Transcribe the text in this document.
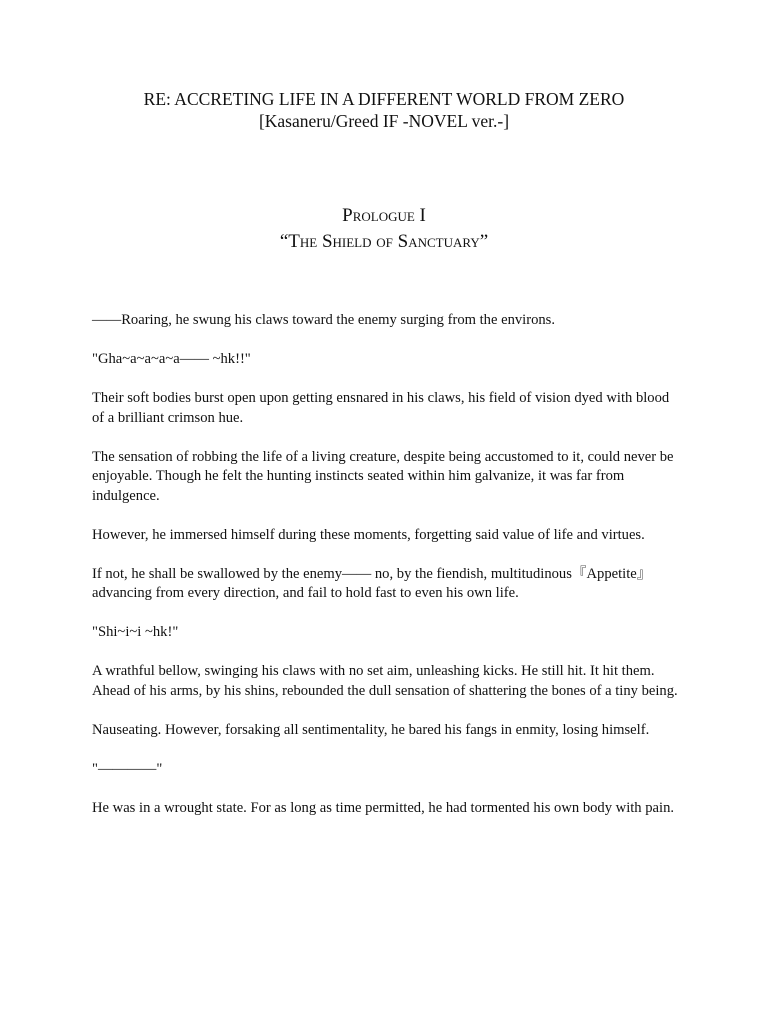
RE: ACCRETING LIFE IN A DIFFERENT WORLD FROM ZERO
[Kasaneru/Greed IF -NOVEL ver.-]
Prologue I
“The Shield of Sanctuary”

——Roaring, he swung his claws toward the enemy surging from the environs.

"Gha~a~a~a~a—— ~hk!!"

Their soft bodies burst open upon getting ensnared in his claws, his field of vision dyed with blood of a brilliant crimson hue.

The sensation of robbing the life of a living creature, despite being accustomed to it, could never be enjoyable. Though he felt the hunting instincts seated within him galvanize, it was far from indulgence.

However, he immersed himself during these moments, forgetting said value of life and virtues.

If not, he shall be swallowed by the enemy—— no, by the fiendish, multitudinous『Appetite』 advancing from every direction, and fail to hold fast to even his own life.

"Shi~i~i ~hk!"

A wrathful bellow, swinging his claws with no set aim, unleashing kicks. He still hit. It hit them. Ahead of his arms, by his shins, rebounded the dull sensation of shattering the bones of a tiny being.

Nauseating. However, forsaking all sentimentality, he bared his fangs in enmity, losing himself.

"————"

He was in a wrought state. For as long as time permitted, he had tormented his own body with pain.
